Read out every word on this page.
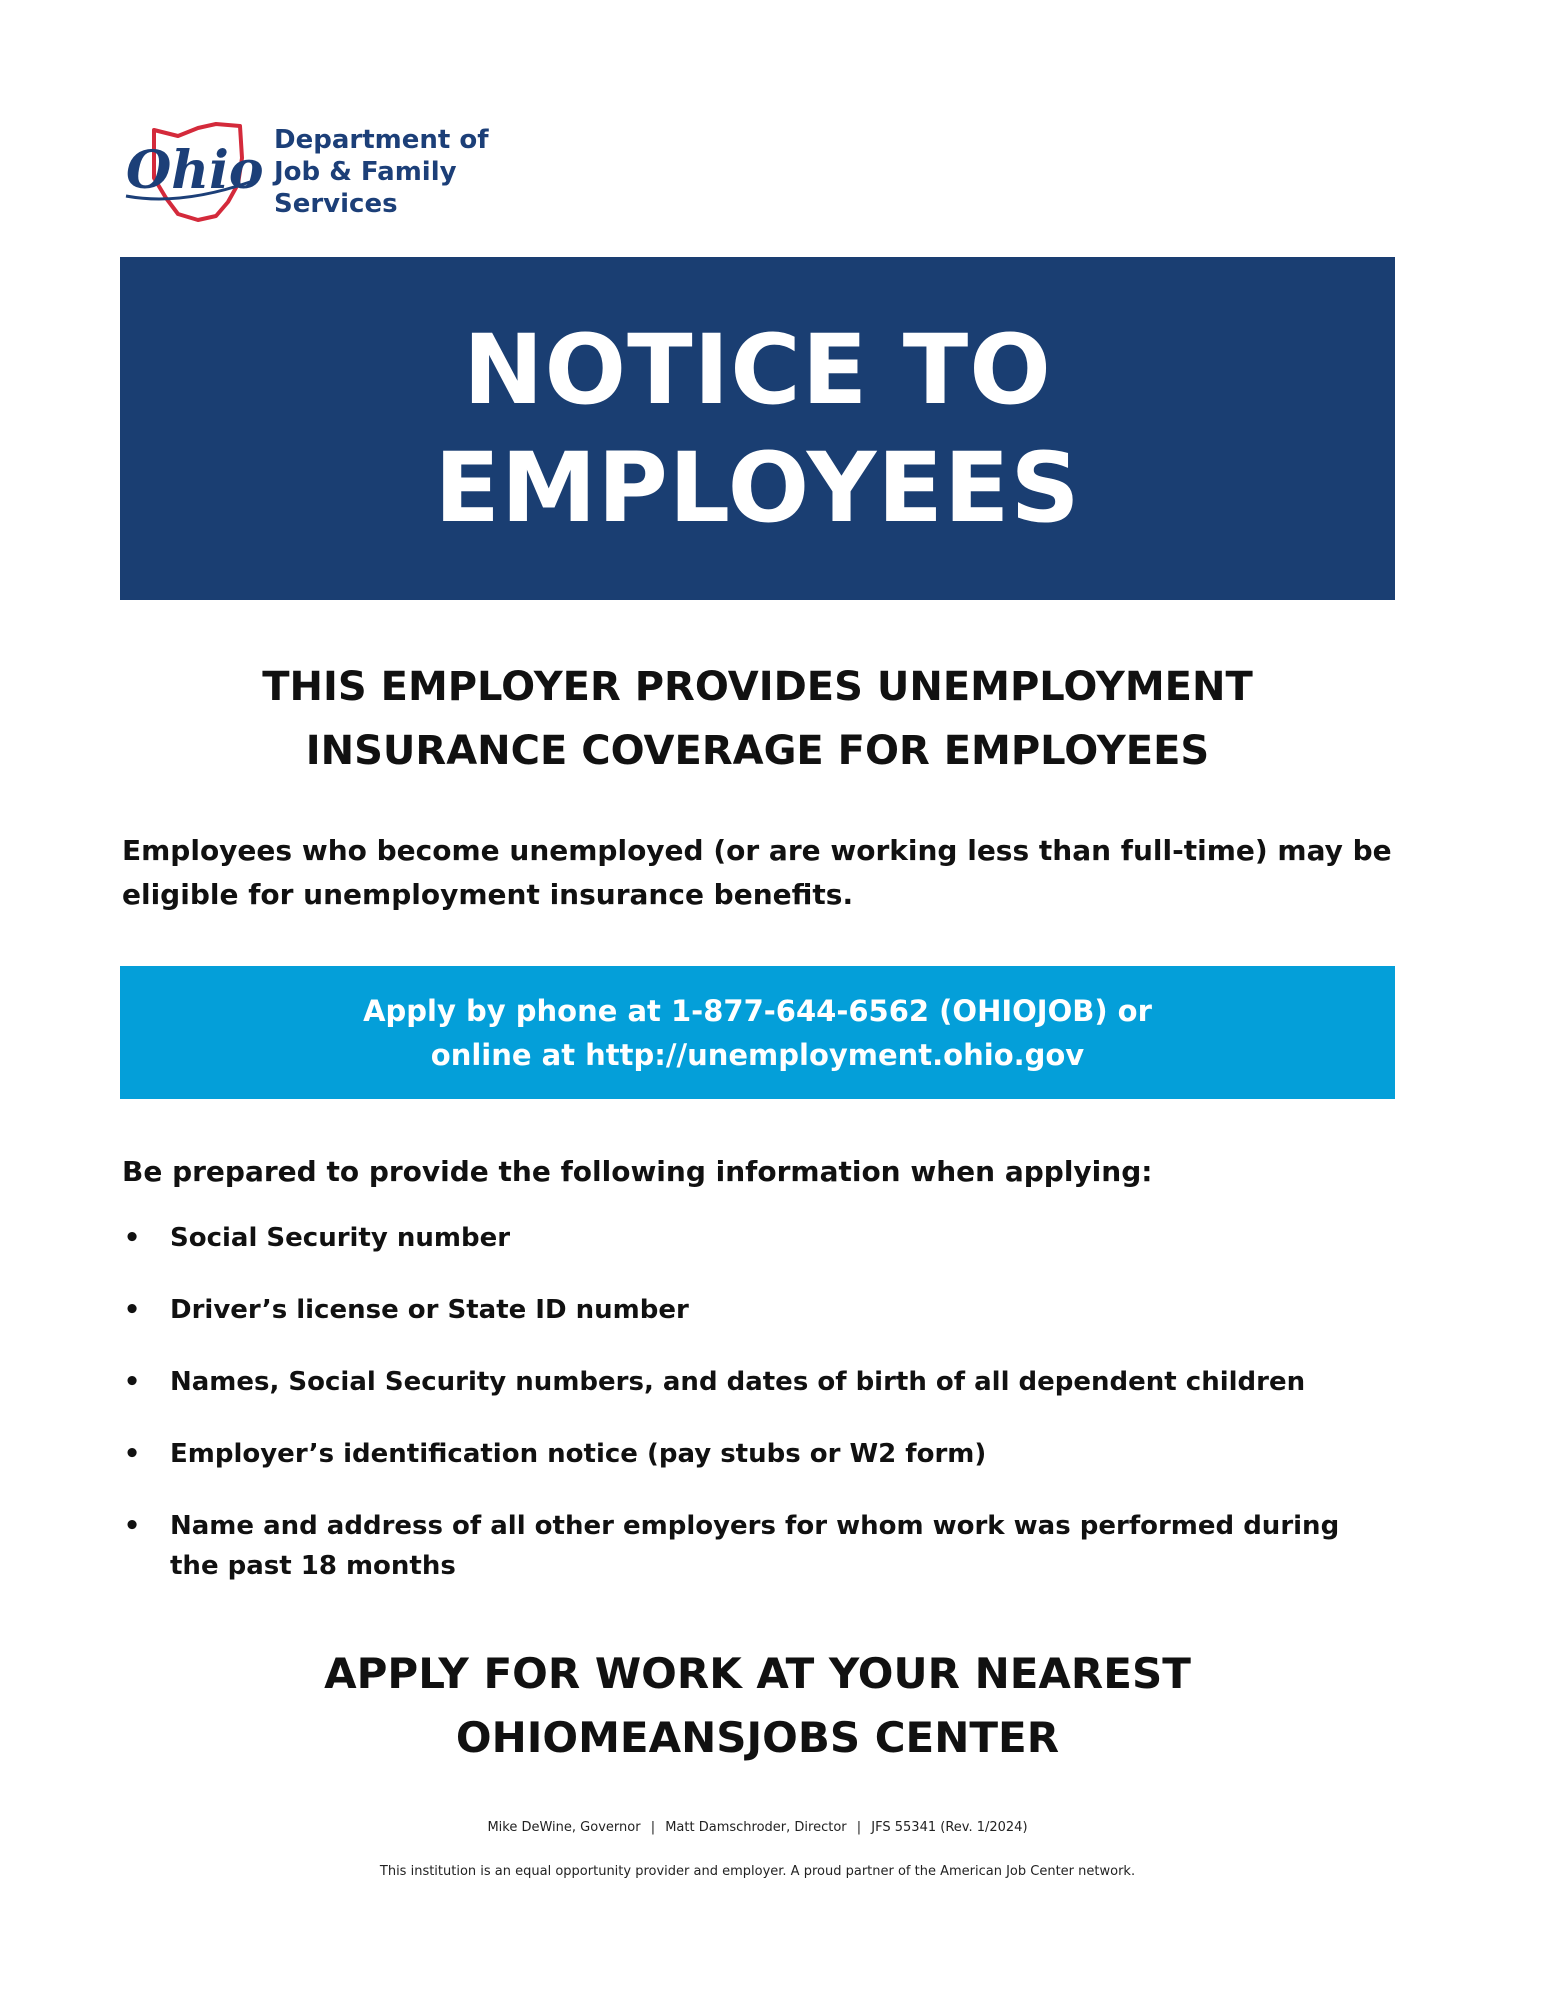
Ohio Department of
Job & Family
Services
NOTICE TO
EMPLOYEES
THIS EMPLOYER PROVIDES UNEMPLOYMENT
INSURANCE COVERAGE FOR EMPLOYEES
Employees who become unemployed (or are working less than full-time) may be eligible for unemployment insurance benefits.
Apply by phone at 1-877-644-6562 (OHIOJOB) or
online at http://unemployment.ohio.gov
Be prepared to provide the following information when applying:
• Social Security number
• Driver’s license or State ID number
• Names, Social Security numbers, and dates of birth of all dependent children
• Employer’s identification notice (pay stubs or W2 form)
• Name and address of all other employers for whom work was performed during the past 18 months
APPLY FOR WORK AT YOUR NEAREST
OHIOMEANSJOBS CENTER
Mike DeWine, Governor | Matt Damschroder, Director | JFS 55341 (Rev. 1/2024)
This institution is an equal opportunity provider and employer. A proud partner of the American Job Center network.
